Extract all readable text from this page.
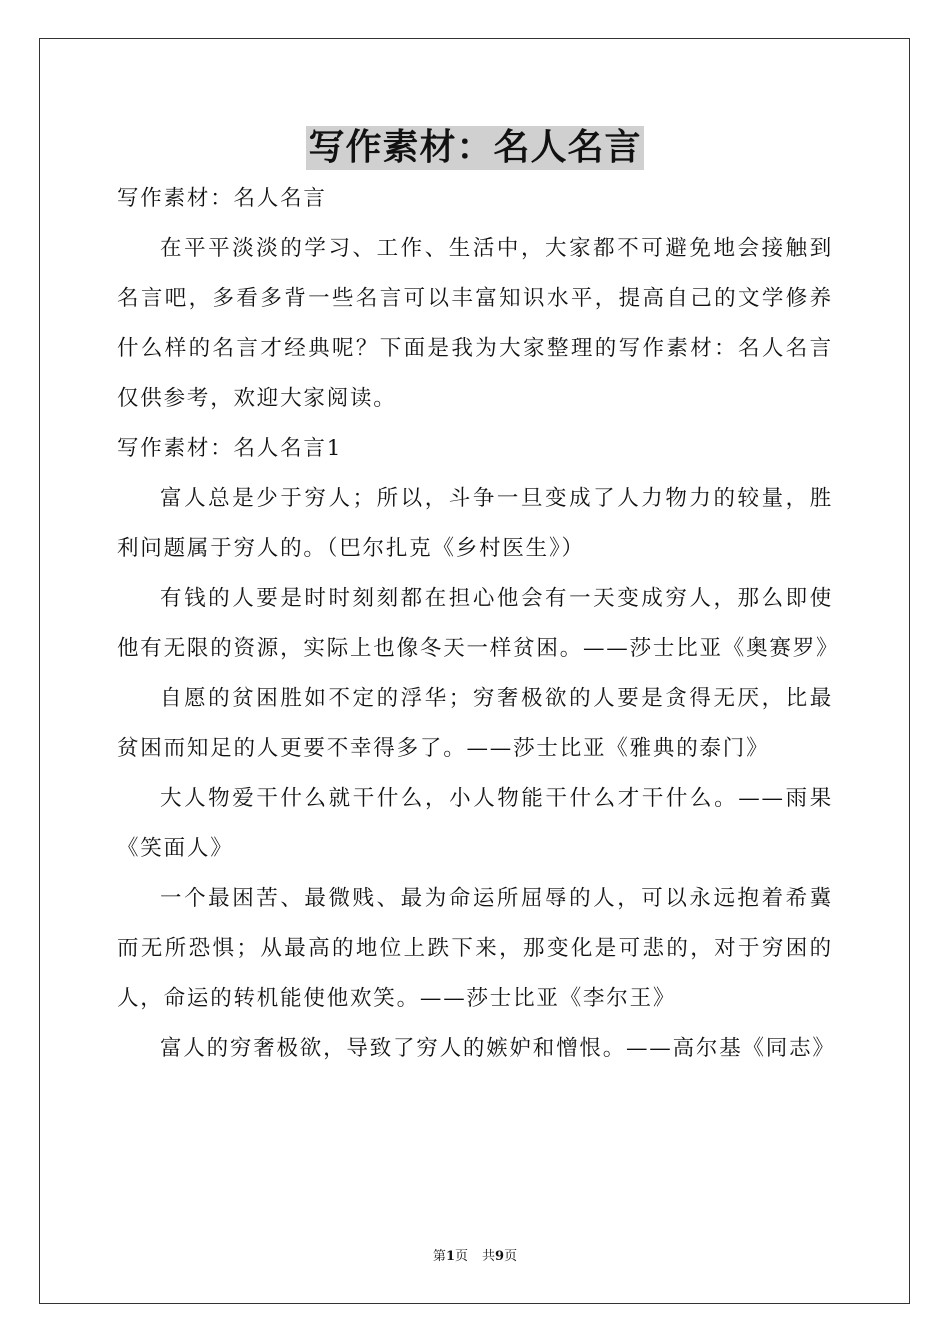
写作素材：名人名言

写作素材：名人名言

在平平淡淡的学习、工作、生活中，大家都不可避免地会接触到名言吧，多看多背一些名言可以丰富知识水平，提高自己的文学修养什么样的名言才经典呢？下面是我为大家整理的写作素材：名人名言仅供参考，欢迎大家阅读。

写作素材：名人名言1

富人总是少于穷人；所以，斗争一旦变成了人力物力的较量，胜利问题属于穷人的。（巴尔扎克《乡村医生》）

有钱的人要是时时刻刻都在担心他会有一天变成穷人，那么即使他有无限的资源，实际上也像冬天一样贫困。——莎士比亚《奥赛罗》

自愿的贫困胜如不定的浮华；穷奢极欲的人要是贪得无厌，比最贫困而知足的人更要不幸得多了。——莎士比亚《雅典的泰门》

大人物爱干什么就干什么，小人物能干什么才干什么。——雨果《笑面人》

一个最困苦、最微贱、最为命运所屈辱的人，可以永远抱着希冀而无所恐惧；从最高的地位上跌下来，那变化是可悲的，对于穷困的人，命运的转机能使他欢笑。——莎士比亚《李尔王》

富人的穷奢极欲，导致了穷人的嫉妒和憎恨。——高尔基《同志》

第1页 共9页
